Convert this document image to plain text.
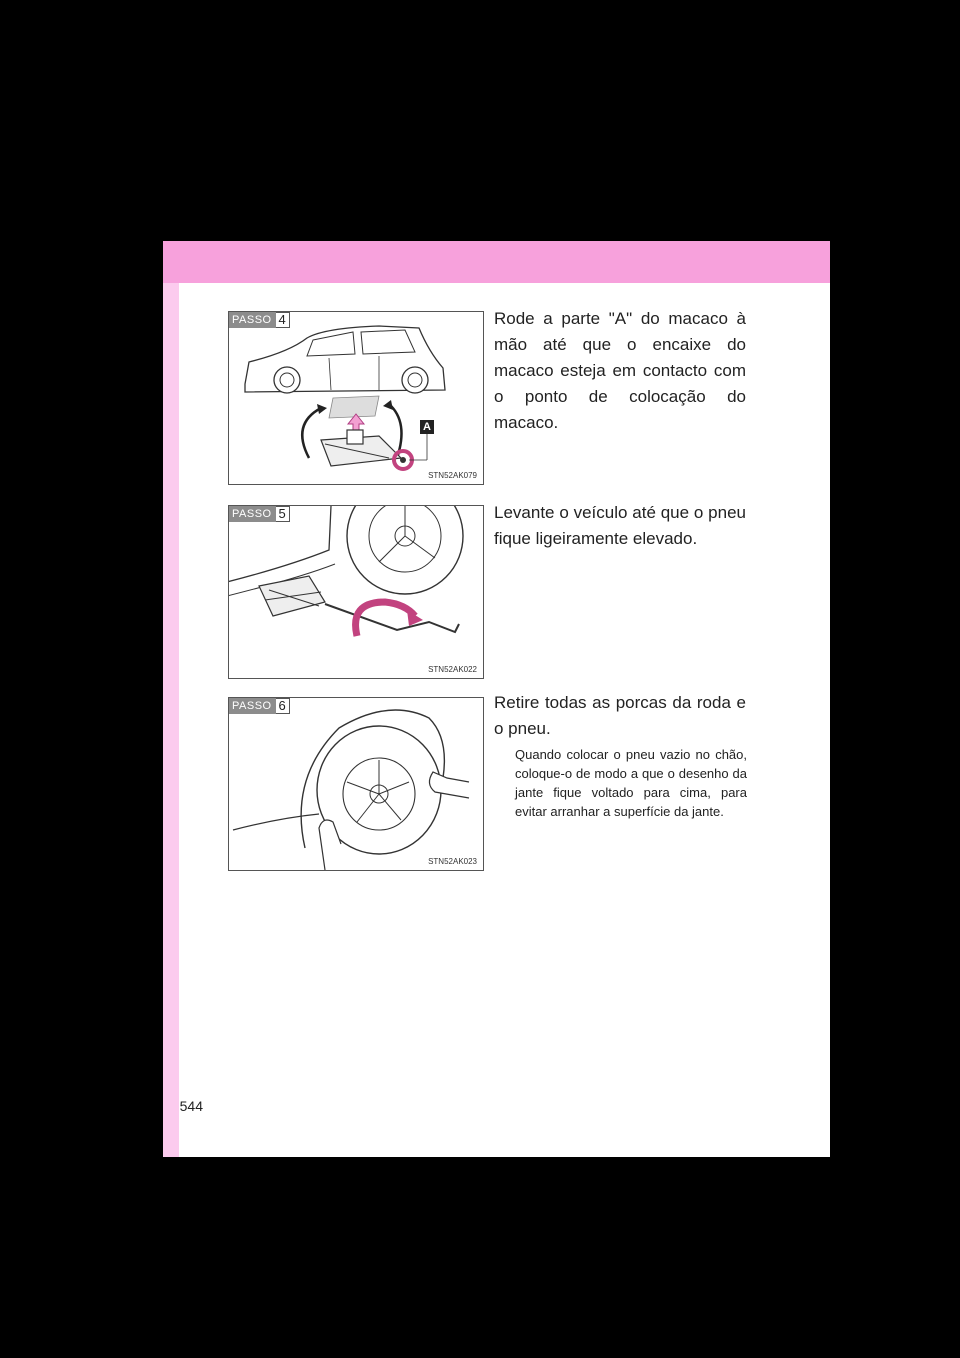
PASSO 4
A
STN52AK079
Rode a parte "A" do macaco à mão até que o encaixe do macaco esteja em contacto com o ponto de colocação do macaco.
PASSO 5
STN52AK022
Levante o veículo até que o pneu fique ligeiramente elevado.
PASSO 6
STN52AK023
Retire todas as porcas da roda e o pneu.
Quando colocar o pneu vazio no chão, coloque-o de modo a que o desenho da jante fique voltado para cima, para evitar arranhar a superfície da jante.
544
